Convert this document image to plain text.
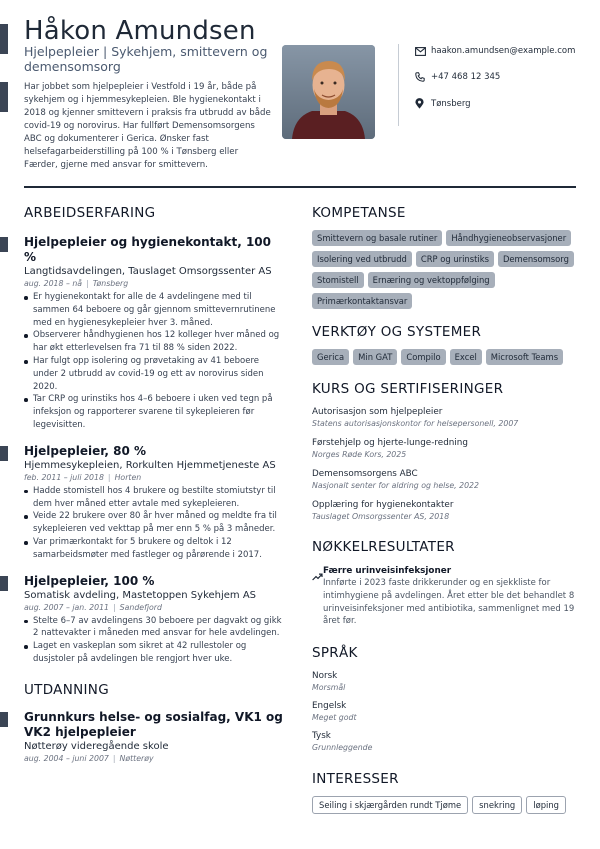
Håkon Amundsen
Hjelpepleier | Sykehjem, smittevern og demensomsorg
Har jobbet som hjelpepleier i Vestfold i 19 år, både på sykehjem og i hjemmesykepleien. Ble hygienekontakt i 2018 og kjenner smittevern i praksis fra utbrudd av både covid-19 og norovirus. Har fullført Demensomsorgens ABC og dokumenterer i Gerica. Ønsker fast helsefagarbeiderstilling på 100 % i Tønsberg eller Færder, gjerne med ansvar for smittevern.
haakon.amundsen@example.com
+47 468 12 345
Tønsberg
ARBEIDSERFARING
Hjelpepleier og hygienekontakt, 100 %
Langtidsavdelingen, Tauslaget Omsorgssenter AS
aug. 2018 – nå | Tønsberg
Er hygienekontakt for alle de 4 avdelingene med til sammen 64 beboere og går gjennom smittevernrutinene med en hygienesykepleier hver 3. måned.
Observerer håndhygienen hos 12 kolleger hver måned og har økt etterlevelsen fra 71 til 88 % siden 2022.
Har fulgt opp isolering og prøvetaking av 41 beboere under 2 utbrudd av covid-19 og ett av norovirus siden 2020.
Tar CRP og urinstiks hos 4–6 beboere i uken ved tegn på infeksjon og rapporterer svarene til sykepleieren før legevisitten.
Hjelpepleier, 80 %
Hjemmesykepleien, Rorkulten Hjemmetjeneste AS
feb. 2011 – juli 2018 | Horten
Hadde stomistell hos 4 brukere og bestilte stomiutstyr til dem hver måned etter avtale med sykepleieren.
Veide 22 brukere over 80 år hver måned og meldte fra til sykepleieren ved vekttap på mer enn 5 % på 3 måneder.
Var primærkontakt for 5 brukere og deltok i 12 samarbeidsmøter med fastleger og pårørende i 2017.
Hjelpepleier, 100 %
Somatisk avdeling, Mastetoppen Sykehjem AS
aug. 2007 – jan. 2011 | Sandefjord
Stelte 6–7 av avdelingens 30 beboere per dagvakt og gikk 2 nattevakter i måneden med ansvar for hele avdelingen.
Laget en vaskeplan som sikret at 42 rullestoler og dusjstoler på avdelingen ble rengjort hver uke.
UTDANNING
Grunnkurs helse- og sosialfag, VK1 og VK2 hjelpepleier
Nøtterøy videregående skole
aug. 2004 – juni 2007 | Nøtterøy
KOMPETANSE
Smittevern og basale rutiner	Håndhygieneobservasjoner
Isolering ved utbrudd	CRP og urinstiks	Demensomsorg
Stomistell	Ernæring og vektoppfølging
Primærkontaktansvar
VERKTØY OG SYSTEMER
Gerica	Min GAT	Compilo	Excel	Microsoft Teams
KURS OG SERTIFISERINGER
Autorisasjon som hjelpepleier
Statens autorisasjonskontor for helsepersonell, 2007
Førstehjelp og hjerte-lunge-redning
Norges Røde Kors, 2025
Demensomsorgens ABC
Nasjonalt senter for aldring og helse, 2022
Opplæring for hygienekontakter
Tauslaget Omsorgssenter AS, 2018
NØKKELRESULTATER
Færre urinveisinfeksjoner
Innførte i 2023 faste drikkerunder og en sjekkliste for intimhygiene på avdelingen. Året etter ble det behandlet 8 urinveisinfeksjoner med antibiotika, sammenlignet med 19 året før.
SPRÅK
Norsk
Morsmål
Engelsk
Meget godt
Tysk
Grunnleggende
INTERESSER
Seiling i skjærgården rundt Tjøme	snekring	løping
